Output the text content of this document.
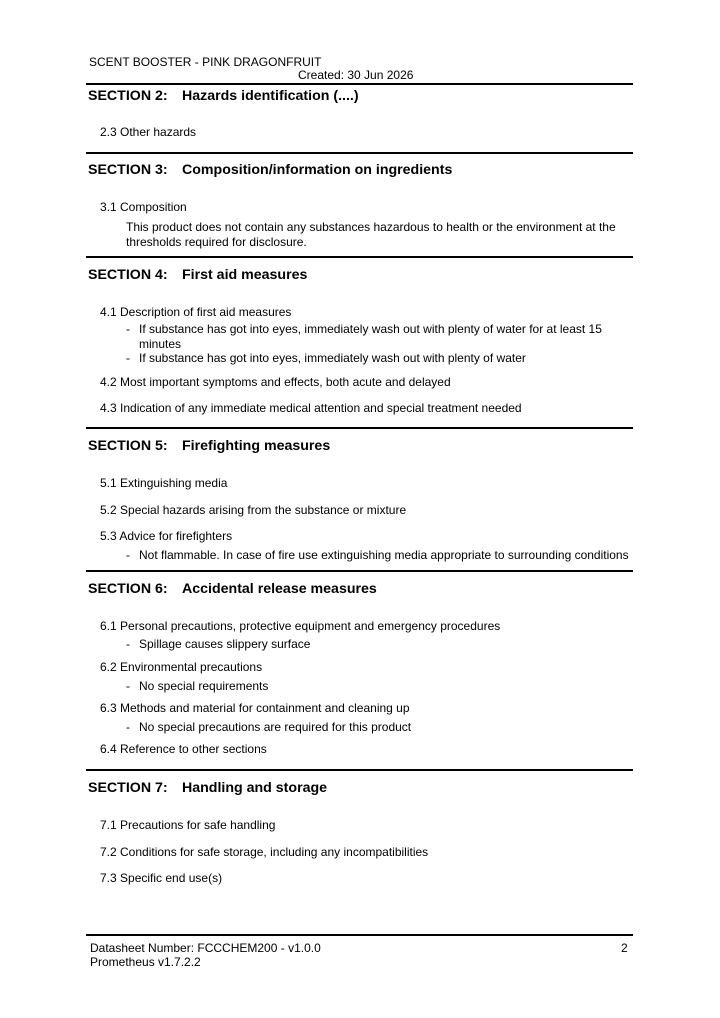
SCENT BOOSTER - PINK DRAGONFRUIT
Created: 30 Jun 2026
SECTION 2: Hazards identification (....)
2.3 Other hazards
SECTION 3: Composition/information on ingredients
3.1 Composition
This product does not contain any substances hazardous to health or the environment at the thresholds required for disclosure.
SECTION 4: First aid measures
4.1 Description of first aid measures
- If substance has got into eyes, immediately wash out with plenty of water for at least 15 minutes
- If substance has got into eyes, immediately wash out with plenty of water
4.2 Most important symptoms and effects, both acute and delayed
4.3 Indication of any immediate medical attention and special treatment needed
SECTION 5: Firefighting measures
5.1 Extinguishing media
5.2 Special hazards arising from the substance or mixture
5.3 Advice for firefighters
- Not flammable. In case of fire use extinguishing media appropriate to surrounding conditions
SECTION 6: Accidental release measures
6.1 Personal precautions, protective equipment and emergency procedures
- Spillage causes slippery surface
6.2 Environmental precautions
- No special requirements
6.3 Methods and material for containment and cleaning up
- No special precautions are required for this product
6.4 Reference to other sections
SECTION 7: Handling and storage
7.1 Precautions for safe handling
7.2 Conditions for safe storage, including any incompatibilities
7.3 Specific end use(s)
Datasheet Number: FCCCHEM200 - v1.0.0
Prometheus v1.7.2.2
2
